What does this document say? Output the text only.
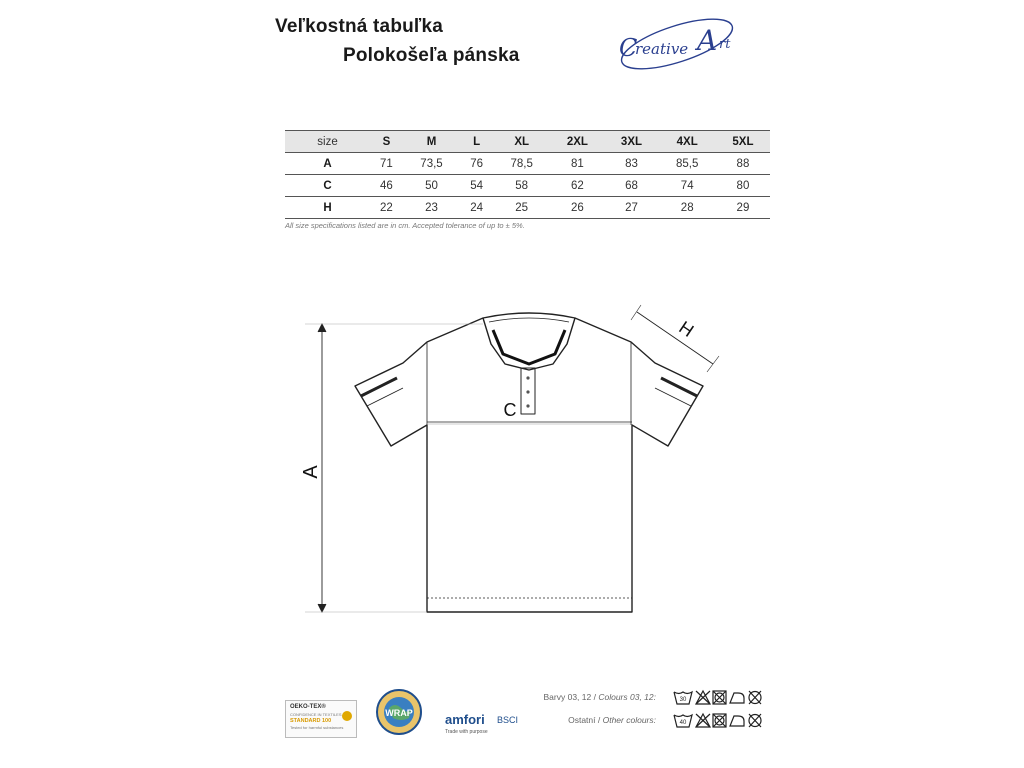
Veľkostná tabuľka
Polokošeľa pánska	C
reative A rt
size	S	M	L	XL	2XL	3XL	4XL	5XL
A	71	73,5	76	78,5	81	83	85,5	88
C	46	50	54	58	62	68	74	80
H	22	23	24	25	26	27	28	29
All size specifications listed are in cm. Accepted tolerance of up to ± 5%.
A
C
H
OEKO-TEX®
CONFIDENCE IN TEXTILES
STANDARD 100
Tested for harmful substances
WRAP amfori BSCI
Trade with purpose
Barvy 03, 12 / Colours 03, 12:
Ostatní / Other colours:
30
40
